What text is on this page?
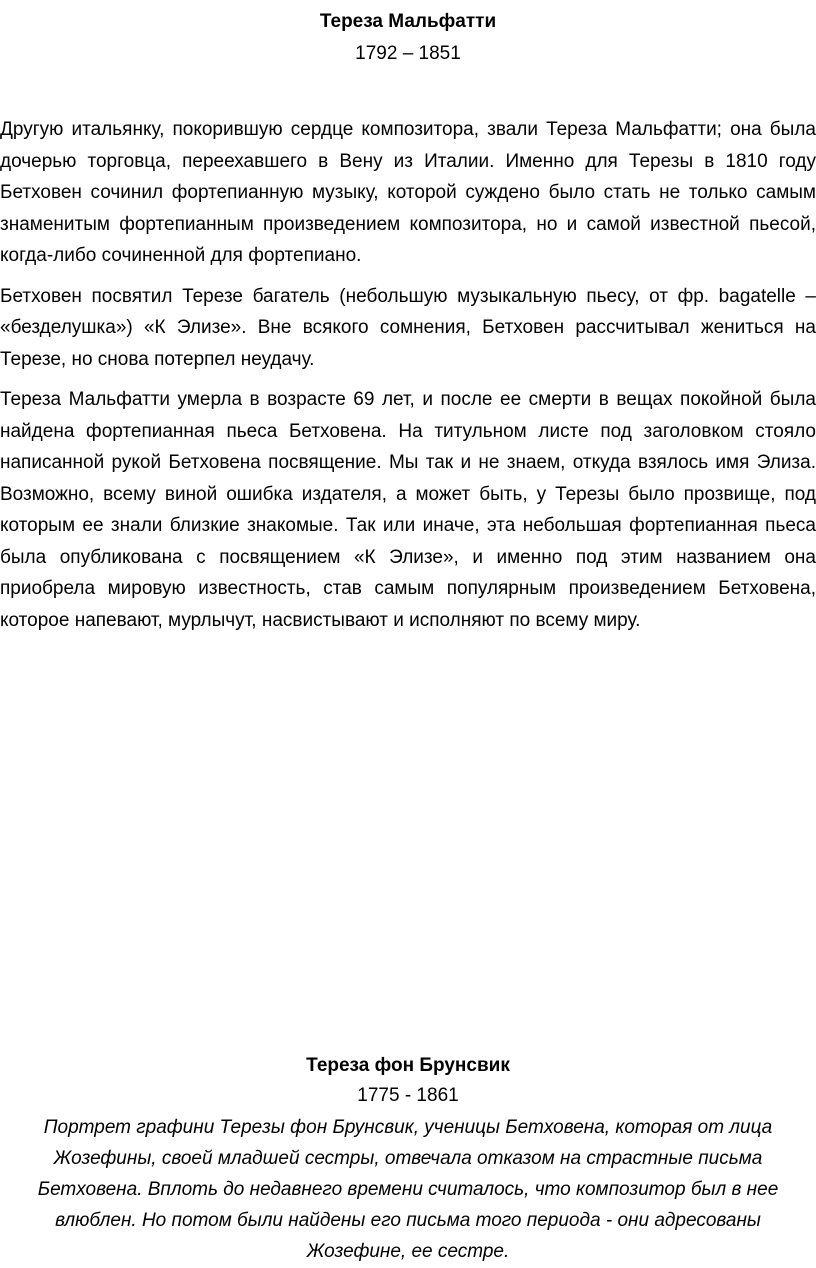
Тереза Мальфатти

1792 – 1851

Другую итальянку, покорившую сердце композитора, звали Тереза Мальфатти; она была дочерью торговца, переехавшего в Вену из Италии. Именно для Терезы в 1810 году Бетховен сочинил фортепианную музыку, которой суждено было стать не только самым знаменитым фортепианным произведением композитора, но и самой известной пьесой, когда-либо сочиненной для фортепиано.

Бетховен посвятил Терезе багатель (небольшую музыкальную пьесу, от фр. bagatelle – «безделушка») «К Элизе». Вне всякого сомнения, Бетховен рассчитывал жениться на Терезе, но снова потерпел неудачу.

Тереза Мальфатти умерла в возрасте 69 лет, и после ее смерти в вещах покойной была найдена фортепианная пьеса Бетховена. На титульном листе под заголовком стояло написанной рукой Бетховена посвящение. Мы так и не знаем, откуда взялось имя Элиза. Возможно, всему виной ошибка издателя, а может быть, у Терезы было прозвище, под которым ее знали близкие знакомые. Так или иначе, эта небольшая фортепианная пьеса была опубликована с посвящением «К Элизе», и именно под этим названием она приобрела мировую известность, став самым популярным произведением Бетховена, которое напевают, мурлычут, насвистывают и исполняют по всему миру.

Тереза фон Брунсвик

1775 - 1861

Портрет графини Терезы фон Брунсвик, ученицы Бетховена, которая от лица Жозефины, своей младшей сестры, отвечала отказом на страстные письма Бетховена. Вплоть до недавнего времени считалось, что композитор был в нее влюблен. Но потом были найдены его письма того периода - они адресованы Жозефине, ее сестре.
